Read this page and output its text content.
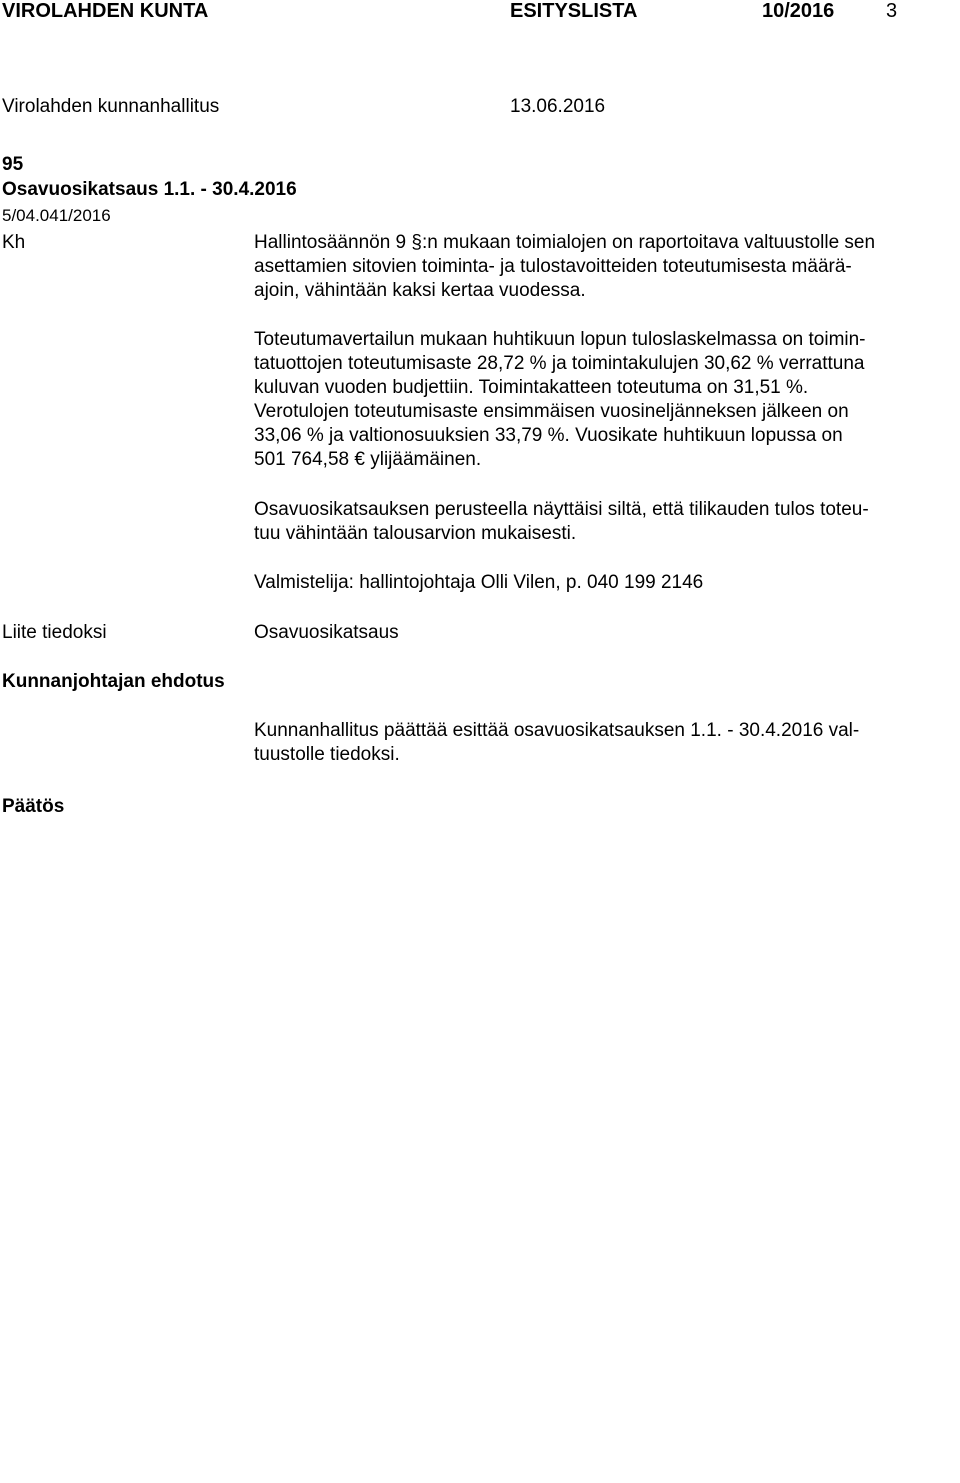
VIROLAHDEN KUNTA	ESITYSLISTA	10/2016	3
Virolahden kunnanhallitus	13.06.2016
95
Osavuosikatsaus 1.1. - 30.4.2016
5/04.041/2016
Kh	Hallintosäännön 9 §:n mukaan toimialojen on raportoitava valtuustolle sen
asettamien sitovien toiminta- ja tulostavoitteiden toteutumisesta määrä-
ajoin, vähintään kaksi kertaa vuodessa.
Toteutumavertailun mukaan huhtikuun lopun tuloslaskelmassa on toimin-
tatuottojen toteutumisaste 28,72 % ja toimintakulujen 30,62 % verrattuna
kuluvan vuoden budjettiin. Toimintakatteen toteutuma on 31,51 %.
Verotulojen toteutumisaste ensimmäisen vuosineljänneksen jälkeen on
33,06 % ja valtionosuuksien 33,79 %. Vuosikate huhtikuun lopussa on
501 764,58 € ylijäämäinen.
Osavuosikatsauksen perusteella näyttäisi siltä, että tilikauden tulos toteu-
tuu vähintään talousarvion mukaisesti.
Valmistelija: hallintojohtaja Olli Vilen, p. 040 199 2146
Liite tiedoksi	Osavuosikatsaus
Kunnanjohtajan ehdotus
Kunnanhallitus päättää esittää osavuosikatsauksen 1.1. - 30.4.2016 val-
tuustolle tiedoksi.
Päätös
